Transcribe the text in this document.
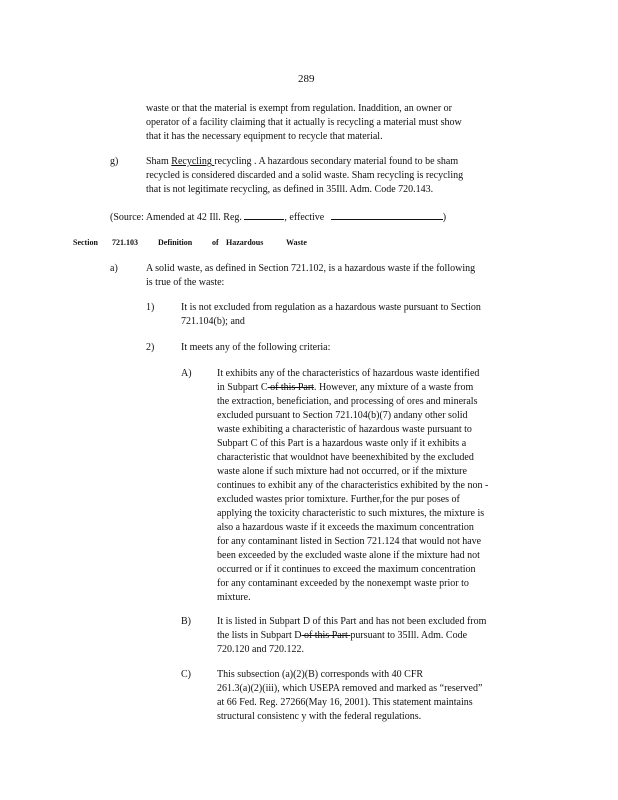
289
waste or that the material is exempt from regulation. Inaddition, an owner or
operator of a facility claiming that it actually is recycling a material must show
that it has the necessary equipment to recycle that material.
g)	Sham Recycling recycling . A hazardous secondary material found to be sham
recycled is considered discarded and a solid waste. Sham recycling is recycling
that is not legitimate recycling, as defined in 35Ill. Adm. Code 720.143.
(Source: Amended at 42 Ill. Reg.	, effective	)
Section 721.103	Definition of Hazardous	Waste
a)	A solid waste, as defined in Section 721.102, is a hazardous waste if the following
is true of the waste:
1)	It is not excluded from regulation as a hazardous waste pursuant to Section
721.104(b); and
2)	It meets any of the following criteria:
A)	It exhibits any of the characteristics of hazardous waste identified
in Subpart C of this Part. However, any mixture of a waste from
the extraction, beneficiation, and processing of ores and minerals
excluded pursuant to Section 721.104(b)(7) andany other solid
waste exhibiting a characteristic of hazardous waste pursuant to
Subpart C of this Part is a hazardous waste only if it exhibits a
characteristic that wouldnot have beenexhibited by the excluded
waste alone if such mixture had not occurred, or if the mixture
continues to exhibit any of the characteristics exhibited by the non -
excluded wastes prior tomixture. Further,for the pur poses of
applying the toxicity characteristic to such mixtures, the mixture is
also a hazardous waste if it exceeds the maximum concentration
for any contaminant listed in Section 721.124 that would not have
been exceeded by the excluded waste alone if the mixture had not
occurred or if it continues to exceed the maximum concentration
for any contaminant exceeded by the nonexempt waste prior to
mixture.
B)	It is listed in Subpart D of this Part and has not been excluded from
the lists in Subpart D of this Part pursuant to 35Ill. Adm. Code
720.120 and 720.122.
C)	This subsection (a)(2)(B) corresponds with 40 CFR
261.3(a)(2)(iii), which USEPA removed and marked as “reserved”
at 66 Fed. Reg. 27266(May 16, 2001). This statement maintains
structural consistenc y with the federal regulations.
